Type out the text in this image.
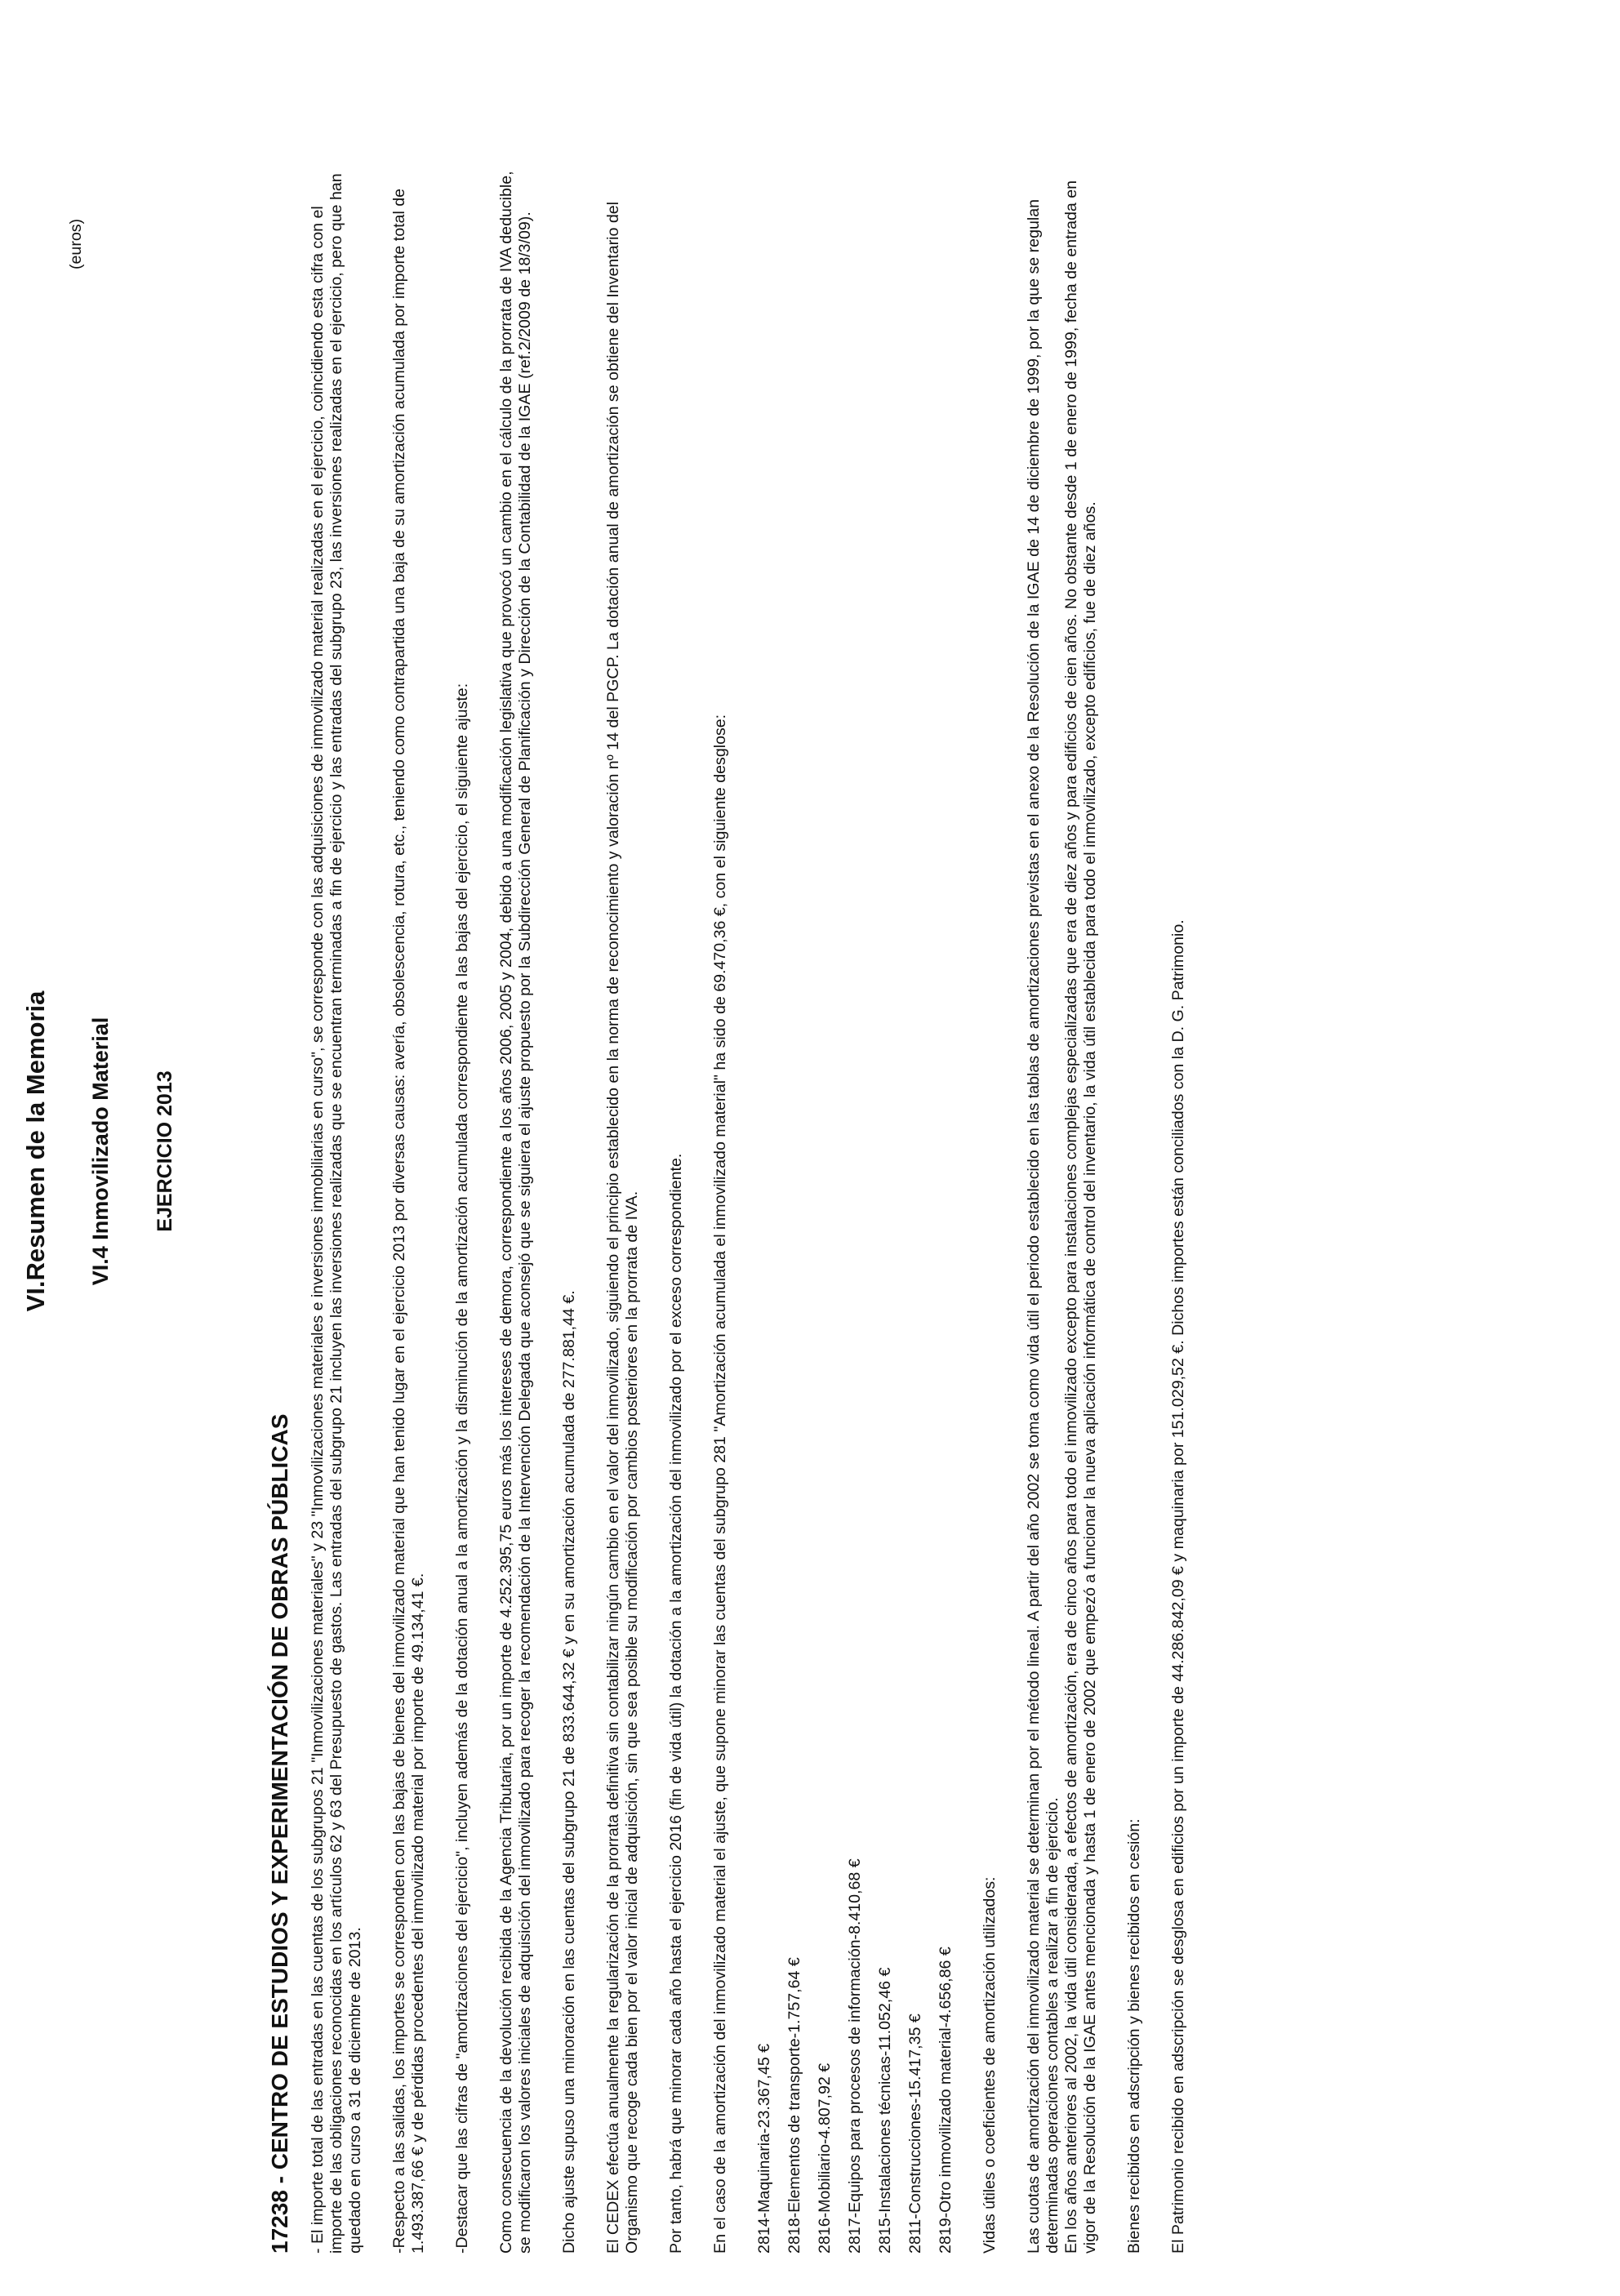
VI.Resumen de la Memoria VI.4 Inmovilizado Material EJERCICIO 2013
(euros)
17238 - CENTRO DE ESTUDIOS Y EXPERIMENTACIÓN DE OBRAS PÚBLICAS - El importe total de las entradas en las cuentas de los subgrupos 21 "Inmovilizaciones materiales" y 23 "Inmovilizaciones materiales e inversiones inmobiliarias en curso", se corresponde con las adquisiciones de inmovilizado material realizadas en el ejercicio, coincidiendo esta cifra con el importe de las obligaciones reconocidas en los artículos 62 y 63 del Presupuesto de gastos. Las entradas del subgrupo 21 incluyen las inversiones realizadas que se encuentran terminadas a fin de ejercicio y las entradas del subgrupo 23, las inversiones realizadas en el ejercicio, pero que han quedado en curso a 31 de diciembre de 2013. -Respecto a las salidas, los importes se corresponden con las bajas de bienes del inmovilizado material que han tenido lugar en el ejercicio 2013 por diversas causas: avería, obsolescencia, rotura, etc., teniendo como contrapartida una baja de su amortización acumulada por importe total de 1.493.387,66 € y de pérdidas procedentes del inmovilizado material por importe de 49.134,41 €. -Destacar que las cifras de "amortizaciones del ejercicio", incluyen además de la dotación anual a la amortización y la disminución de la amortización acumulada correspondiente a las bajas del ejercicio, el siguiente ajuste: Como consecuencia de la devolución recibida de la Agencia Tributaria, por un importe de 4.252.395,75 euros más los intereses de demora, correspondiente a los años 2006, 2005 y 2004, debido a una modificación legislativa que provocó un cambio en el cálculo de la prorrata de IVA deducible, se modificaron los valores iniciales de adquisición del inmovilizado para recoger la recomendación de la Intervención Delegada que aconsejó que se siguiera el ajuste propuesto por la Subdirección General de Planificación y Dirección de la Contabilidad de la IGAE (ref.2/2009 de 18/3/09). Dicho ajuste supuso una minoración en las cuentas del subgrupo 21 de 833.644,32 € y en su amortización acumulada de 277.881,44 €. El CEDEX efectúa anualmente la regularización de la prorrata definitiva sin contabilizar ningún cambio en el valor del inmovilizado, siguiendo el principio establecido en la norma de reconocimiento y valoración nº 14 del PGCP. La dotación anual de amortización se obtiene del Inventario del Organismo que recoge cada bien por el valor inicial de adquisición, sin que sea posible su modificación por cambios posteriores en la prorrata de IVA. Por tanto, habrá que minorar cada año hasta el ejercicio 2016 (fin de vida útil) la dotación a la amortización del inmovilizado por el exceso correspondiente. En el caso de la amortización del inmovilizado material el ajuste, que supone minorar las cuentas del subgrupo 281 "Amortización acumulada el inmovilizado material" ha sido de 69.470,36 €, con el siguiente desglose: 2814-Maquinaria-23.367,45 € 2818-Elementos de transporte-1.757,64 € 2816-Mobiliario-4.807,92 € 2817-Equipos para procesos de información-8.410,68 € 2815-Instalaciones técnicas-11.052,46 € 2811-Construcciones-15.417,35 € 2819-Otro inmovilizado material-4.656,86 € Vidas útiles o coeficientes de amortización utilizados: Las cuotas de amortización del inmovilizado material se determinan por el método lineal. A partir del año 2002 se toma como vida útil el periodo establecido en las tablas de amortizaciones previstas en el anexo de la Resolución de la IGAE de 14 de diciembre de 1999, por la que se regulan determinadas operaciones contables a realizar a fin de ejercicio. En los años anteriores al 2002, la vida útil considerada, a efectos de amortización, era de cinco años para todo el inmovilizado excepto para instalaciones complejas especializadas que era de diez años y para edificios de cien años. No obstante desde 1 de enero de 1999, fecha de entrada en vigor de la Resolución de la IGAE antes mencionada y hasta 1 de enero de 2002 que empezó a funcionar la nueva aplicación informática de control del inventario, la vida útil establecida para todo el inmovilizado, excepto edificios, fue de diez años. Bienes recibidos en adscripción y bienes recibidos en cesión: El Patrimonio recibido en adscripción se desglosa en edificios por un importe de 44.286.842,09 € y maquinaria por 151.029,52 €. Dichos importes están conciliados con la D. G. Patrimonio.
